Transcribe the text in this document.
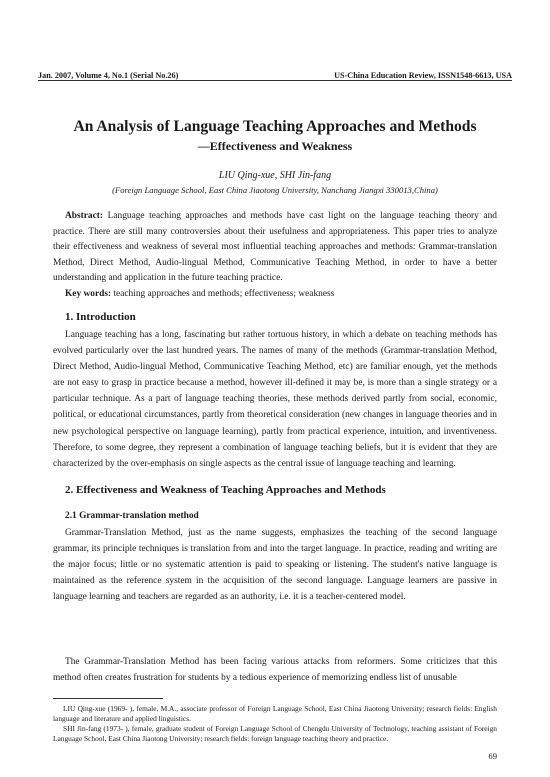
Jan. 2007, Volume 4, No.1 (Serial No.26)	US-China Education Review, ISSN1548-6613, USA
An Analysis of Language Teaching Approaches and Methods
—Effectiveness and Weakness
LIU Qing-xue, SHI Jin-fang
(Foreign Language School, East China Jiaotong University, Nanchang Jiangxi 330013,China)
Abstract: Language teaching approaches and methods have cast light on the language teaching theory and practice. There are still many controversies about their usefulness and appropriateness. This paper tries to analyze their effectiveness and weakness of several most influential teaching approaches and methods: Grammar-translation Method, Direct Method, Audio-lingual Method, Communicative Teaching Method, in order to have a better understanding and application in the future teaching practice.
Key words: teaching approaches and methods; effectiveness; weakness
1. Introduction

Language teaching has a long, fascinating but rather tortuous history, in which a debate on teaching methods has evolved particularly over the last hundred years. The names of many of the methods (Grammar-translation Method, Direct Method, Audio-lingual Method, Communicative Teaching Method, etc) are familiar enough, yet the methods are not easy to grasp in practice because a method, however ill-defined it may be, is more than a single strategy or a particular technique. As a part of language teaching theories, these methods derived partly from social, economic, political, or educational circumstances, partly from theoretical consideration (new changes in language theories and in new psychological perspective on language learning), partly from practical experience, intuition, and inventiveness. Therefore, to some degree, they represent a combination of language teaching beliefs, but it is evident that they are characterized by the over-emphasis on single aspects as the central issue of language teaching and learning.

2. Effectiveness and Weakness of Teaching Approaches and Methods
2.1 Grammar-translation method

Grammar-Translation Method, just as the name suggests, emphasizes the teaching of the second language grammar, its principle techniques is translation from and into the target language. In practice, reading and writing are the major focus; little or no systematic attention is paid to speaking or listening. The student's native language is maintained as the reference system in the acquisition of the second language. Language learners are passive in language learning and teachers are regarded as an authority, i.e. it is a teacher-centered model.

The Grammar-Translation Method has been facing various attacks from reformers. Some criticizes that this method often creates frustration for students by a tedious experience of memorizing endless list of unusable

LIU Qing-xue (1969- ), female, M.A., associate professor of Foreign Language School, East China Jiaotong University; research fields: English language and literature and applied linguistics.

SHI Jin-fang (1973- ), female, graduate student of Foreign Language School of Chengdu University of Technology, teaching assistant of Foreign Language School, East China Jiaotong University; research fields: foreign language teaching theory and practice.

69
